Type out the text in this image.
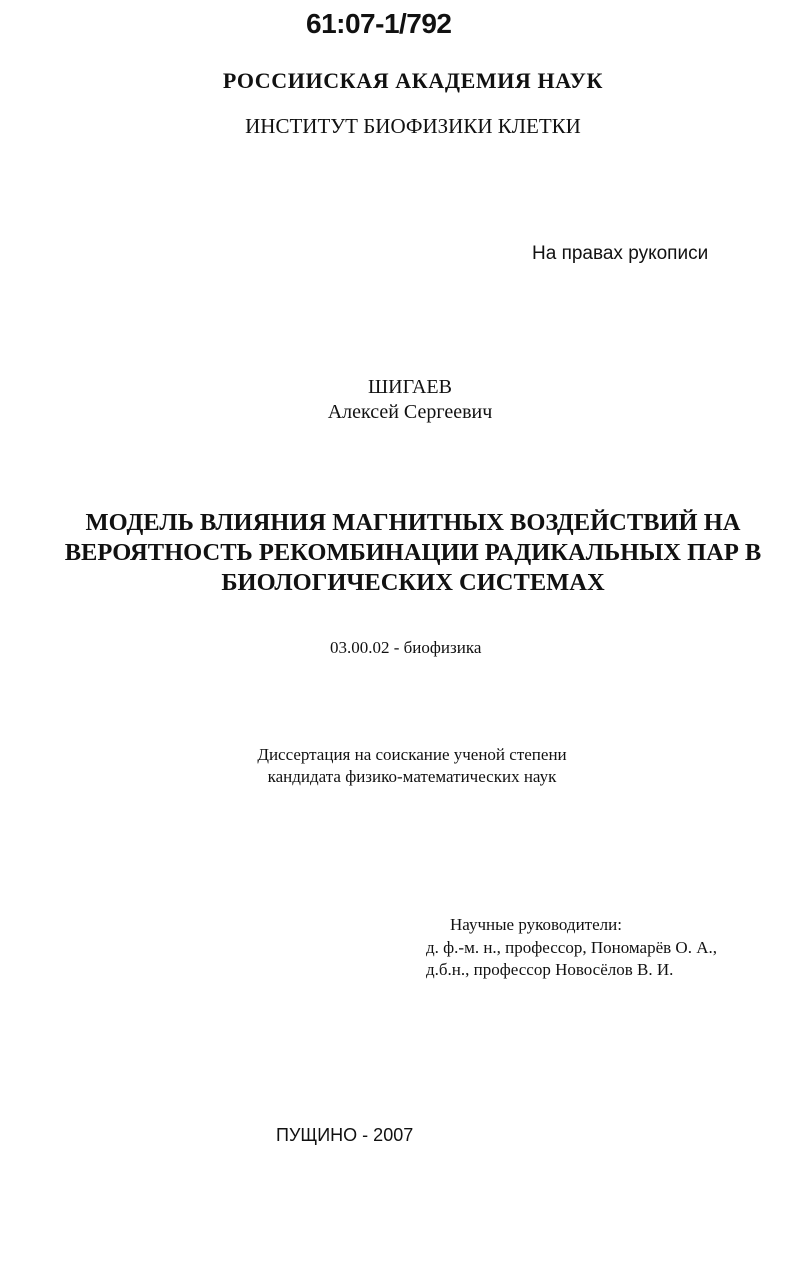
61:07-1/792
РОССИИСКАЯ АКАДЕМИЯ НАУК
ИНСТИТУТ БИОФИЗИКИ КЛЕТКИ
На правах рукописи
ШИГАЕВ
Алексей Сергеевич
МОДЕЛЬ ВЛИЯНИЯ МАГНИТНЫХ ВОЗДЕЙСТВИЙ НА
ВЕРОЯТНОСТЬ РЕКОМБИНАЦИИ РАДИКАЛЬНЫХ ПАР В
БИОЛОГИЧЕСКИХ СИСТЕМАХ
03.00.02 - биофизика
Диссертация на соискание ученой степени
кандидата физико-математических наук
Научные руководители:
д. ф.-м. н., профессор, Пономарёв О. А.,
д.б.н., профессор Новосёлов В. И.
ПУЩИНО - 2007
